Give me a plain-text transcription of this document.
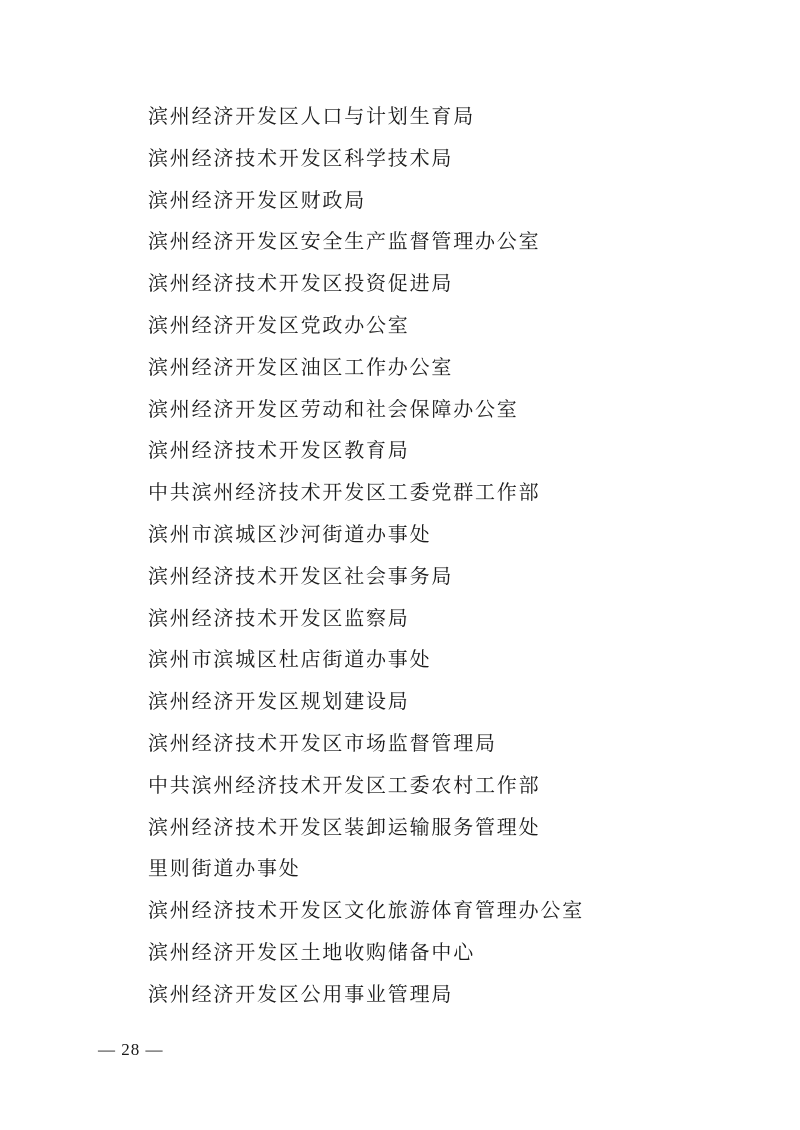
滨州经济开发区人口与计划生育局
滨州经济技术开发区科学技术局
滨州经济开发区财政局
滨州经济开发区安全生产监督管理办公室
滨州经济技术开发区投资促进局
滨州经济开发区党政办公室
滨州经济开发区油区工作办公室
滨州经济开发区劳动和社会保障办公室
滨州经济技术开发区教育局
中共滨州经济技术开发区工委党群工作部
滨州市滨城区沙河街道办事处
滨州经济技术开发区社会事务局
滨州经济技术开发区监察局
滨州市滨城区杜店街道办事处
滨州经济开发区规划建设局
滨州经济技术开发区市场监督管理局
中共滨州经济技术开发区工委农村工作部
滨州经济技术开发区装卸运输服务管理处
里则街道办事处
滨州经济技术开发区文化旅游体育管理办公室
滨州经济开发区土地收购储备中心
滨州经济开发区公用事业管理局
— 28 —
